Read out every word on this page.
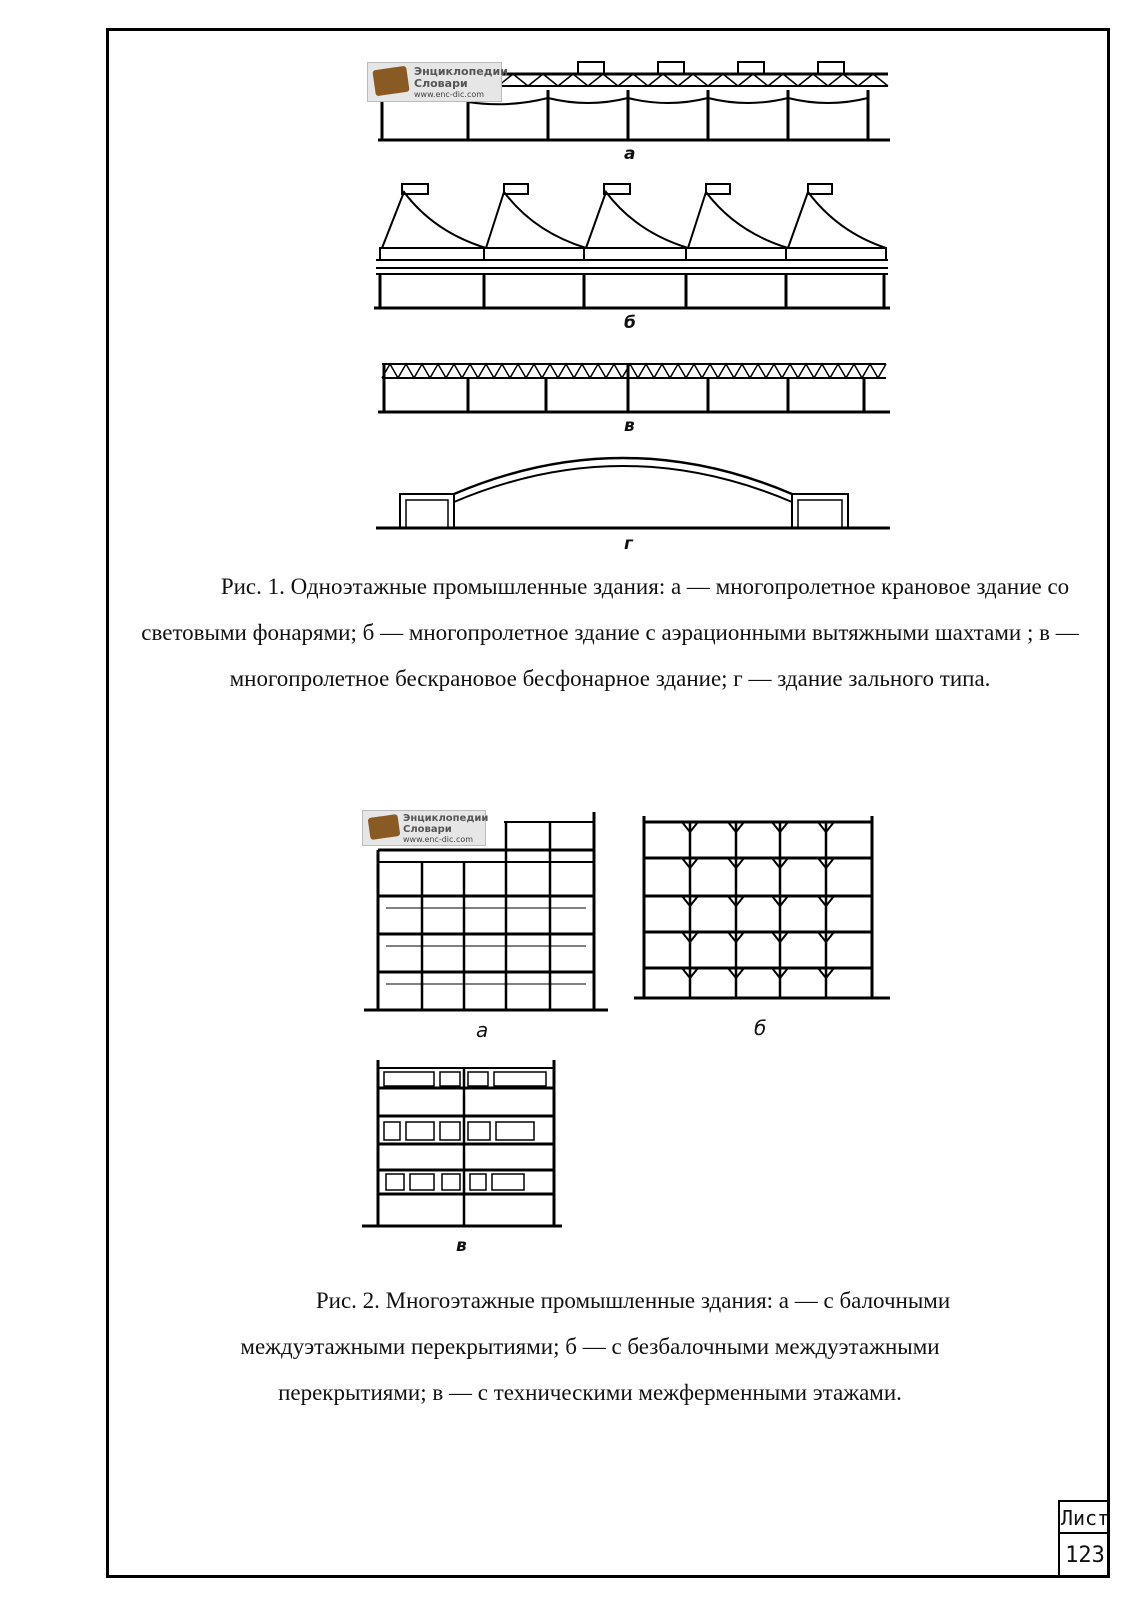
Энциклопедии
Словари
www.enc-dic.com
а
б
в
г

Рис. 1. Одноэтажные промышленные здания: а — многопролетное крановое здание со световыми фонарями; б — многопролетное здание с аэрационными вытяжными шахтами ; в — многопролетное бескрановое бесфонарное здание; г — здание зального типа.

Энциклопедии
Словари
www.enc-dic.com
а	б
в

Рис. 2. Многоэтажные промышленные здания: а — с балочными междуэтажными перекрытиями; б — с безбалочными междуэтажными перекрытиями; в — с техническими межферменными этажами.

Лист
123
